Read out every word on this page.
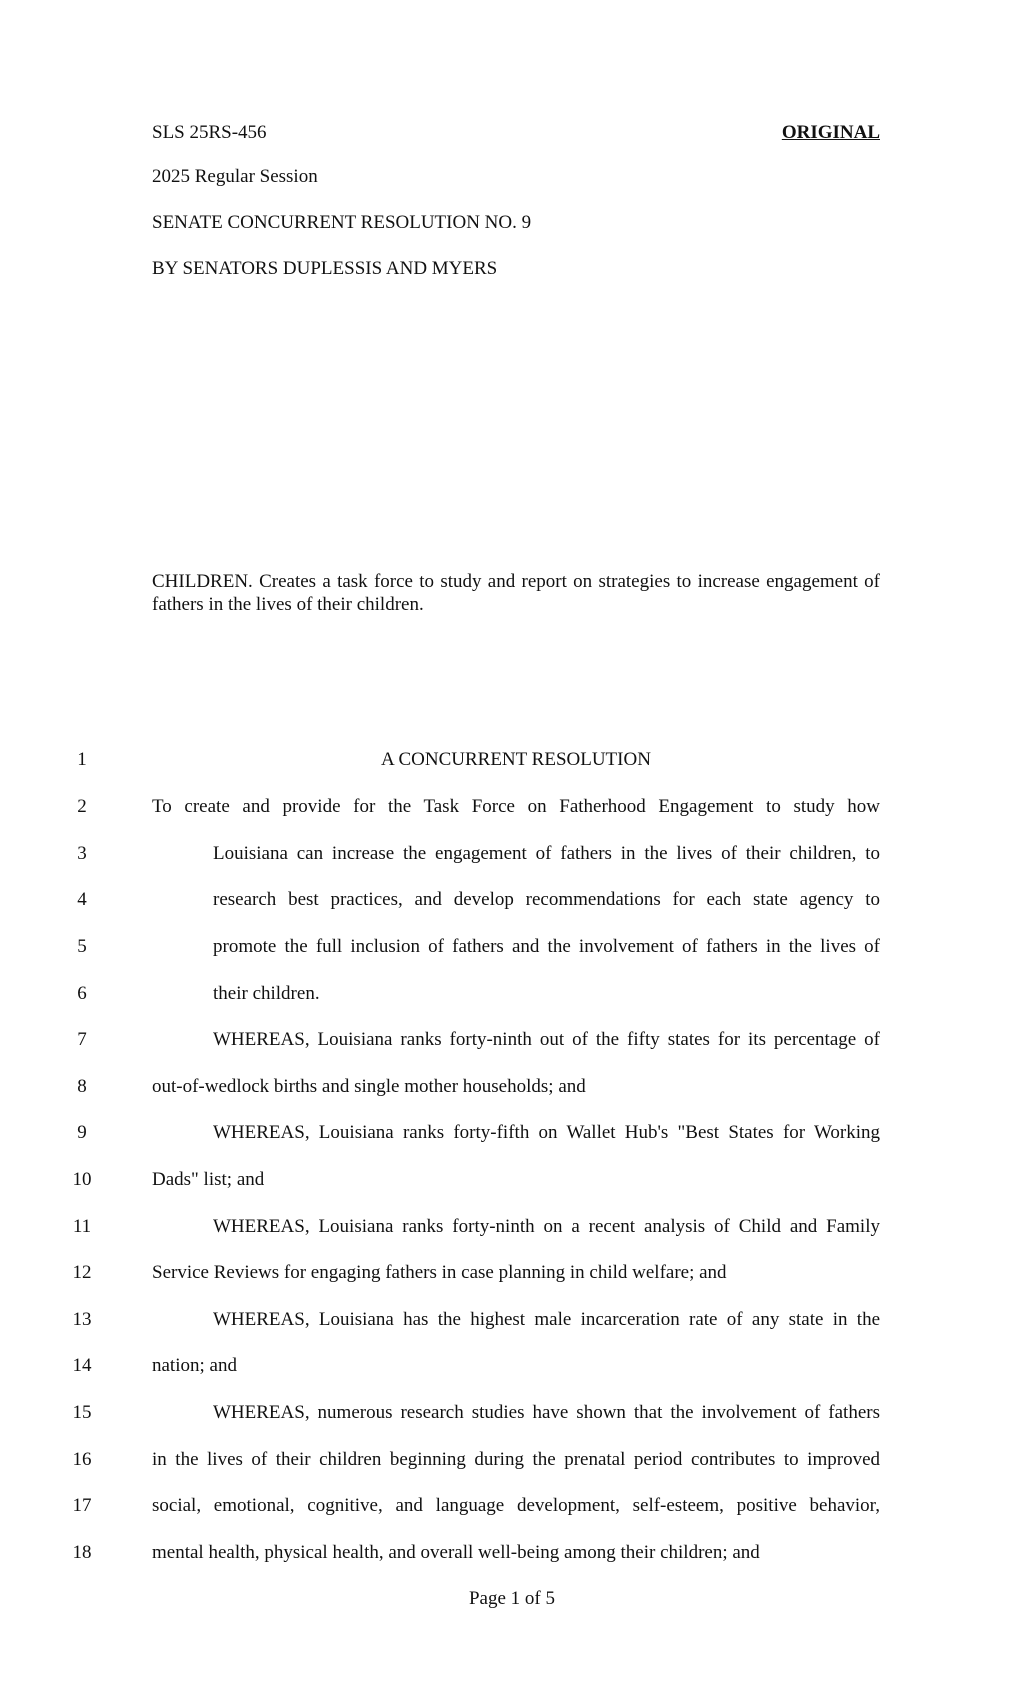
SLS 25RS-456	ORIGINAL
2025 Regular Session
SENATE CONCURRENT RESOLUTION NO. 9
BY SENATORS DUPLESSIS AND MYERS
CHILDREN. Creates a task force to study and report on strategies to increase engagement of fathers in the lives of their children.
1
2
3
4
5
6
7
8
9
10
11
12
13
14
15
16
17
18
A CONCURRENT RESOLUTION
To create and provide for the Task Force on Fatherhood Engagement to study how
Louisiana can increase the engagement of fathers in the lives of their children, to
research best practices, and develop recommendations for each state agency to
promote the full inclusion of fathers and the involvement of fathers in the lives of
their children.
WHEREAS, Louisiana ranks forty-ninth out of the fifty states for its percentage of
out-of-wedlock births and single mother households; and
WHEREAS, Louisiana ranks forty-fifth on Wallet Hub's "Best States for Working
Dads" list; and
WHEREAS, Louisiana ranks forty-ninth on a recent analysis of Child and Family
Service Reviews for engaging fathers in case planning in child welfare; and
WHEREAS, Louisiana has the highest male incarceration rate of any state in the
nation; and
WHEREAS, numerous research studies have shown that the involvement of fathers
in the lives of their children beginning during the prenatal period contributes to improved
social, emotional, cognitive, and language development, self-esteem, positive behavior,
mental health, physical health, and overall well-being among their children; and
Page 1 of 5
